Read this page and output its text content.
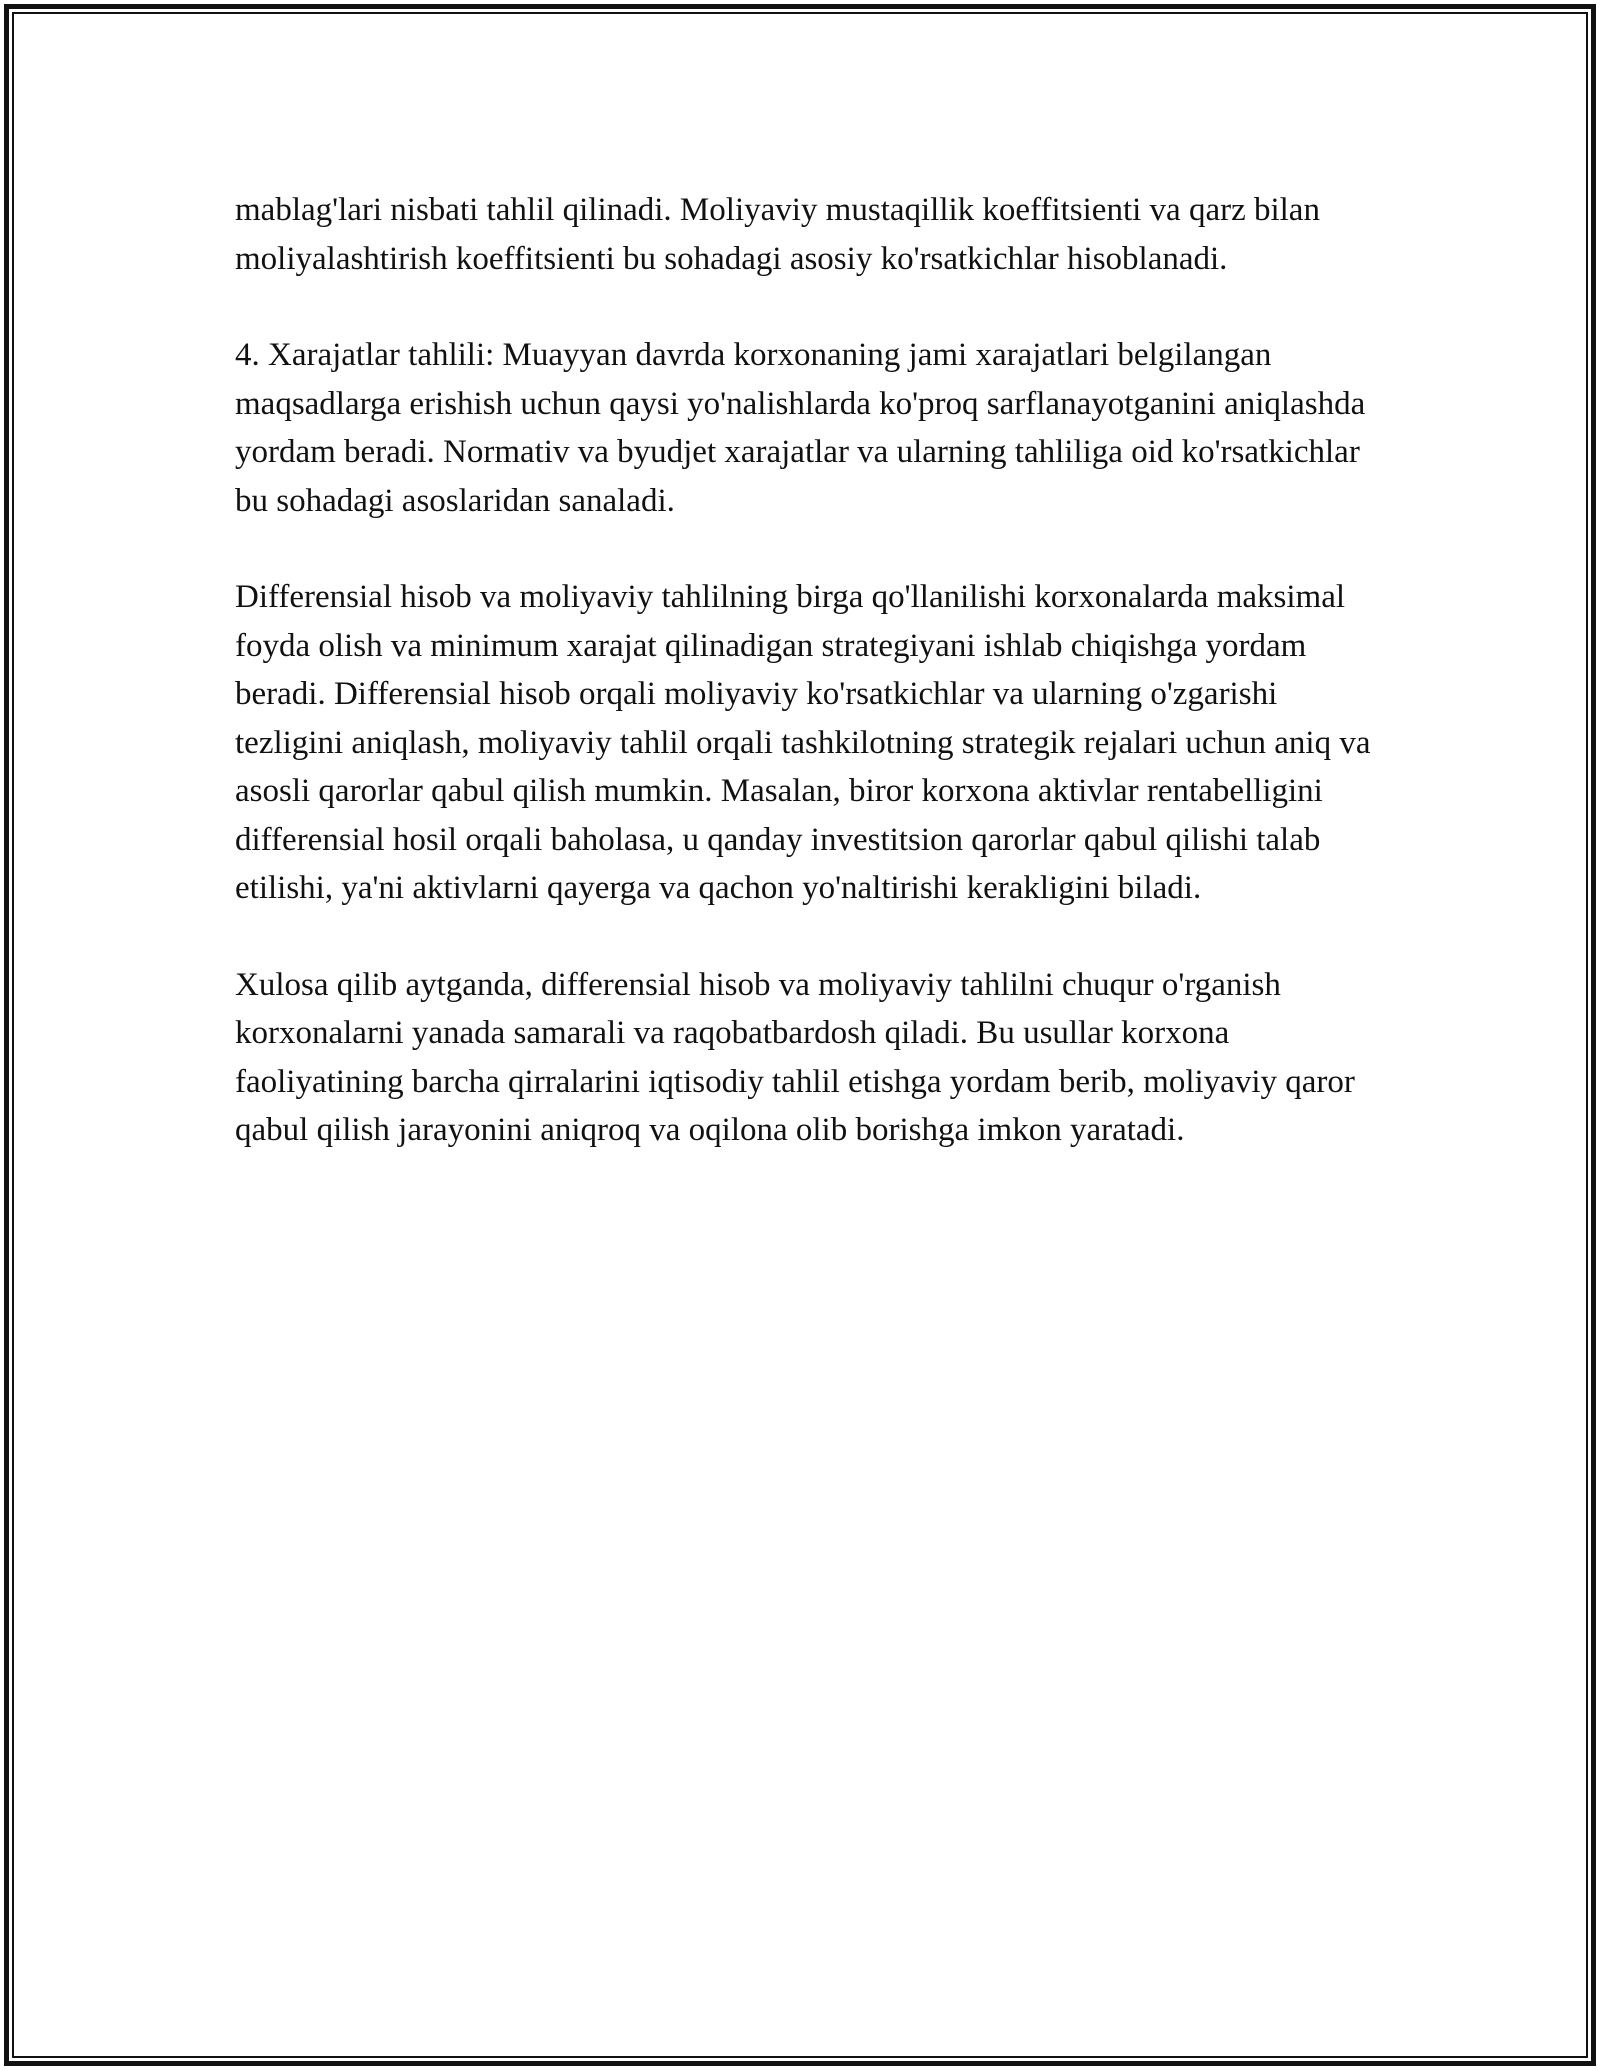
mablag'lari nisbati tahlil qilinadi. Moliyaviy mustaqillik koeffitsienti va qarz bilan moliyalashtirish koeffitsienti bu sohadagi asosiy ko'rsatkichlar hisoblanadi.

4. Xarajatlar tahlili: Muayyan davrda korxonaning jami xarajatlari belgilangan maqsadlarga erishish uchun qaysi yo'nalishlarda ko'proq sarflanayotganini aniqlashda yordam beradi. Normativ va byudjet xarajatlar va ularning tahliliga oid ko'rsatkichlar bu sohadagi asoslaridan sanaladi.

Differensial hisob va moliyaviy tahlilning birga qo'llanilishi korxonalarda maksimal foyda olish va minimum xarajat qilinadigan strategiyani ishlab chiqishga yordam beradi. Differensial hisob orqali moliyaviy ko'rsatkichlar va ularning o'zgarishi tezligini aniqlash, moliyaviy tahlil orqali tashkilotning strategik rejalari uchun aniq va asosli qarorlar qabul qilish mumkin. Masalan, biror korxona aktivlar rentabelligini differensial hosil orqali baholasa, u qanday investitsion qarorlar qabul qilishi talab etilishi, ya'ni aktivlarni qayerga va qachon yo'naltirishi kerakligini biladi.

Xulosa qilib aytganda, differensial hisob va moliyaviy tahlilni chuqur o'rganish korxonalarni yanada samarali va raqobatbardosh qiladi. Bu usullar korxona faoliyatining barcha qirralarini iqtisodiy tahlil etishga yordam berib, moliyaviy qaror qabul qilish jarayonini aniqroq va oqilona olib borishga imkon yaratadi.
